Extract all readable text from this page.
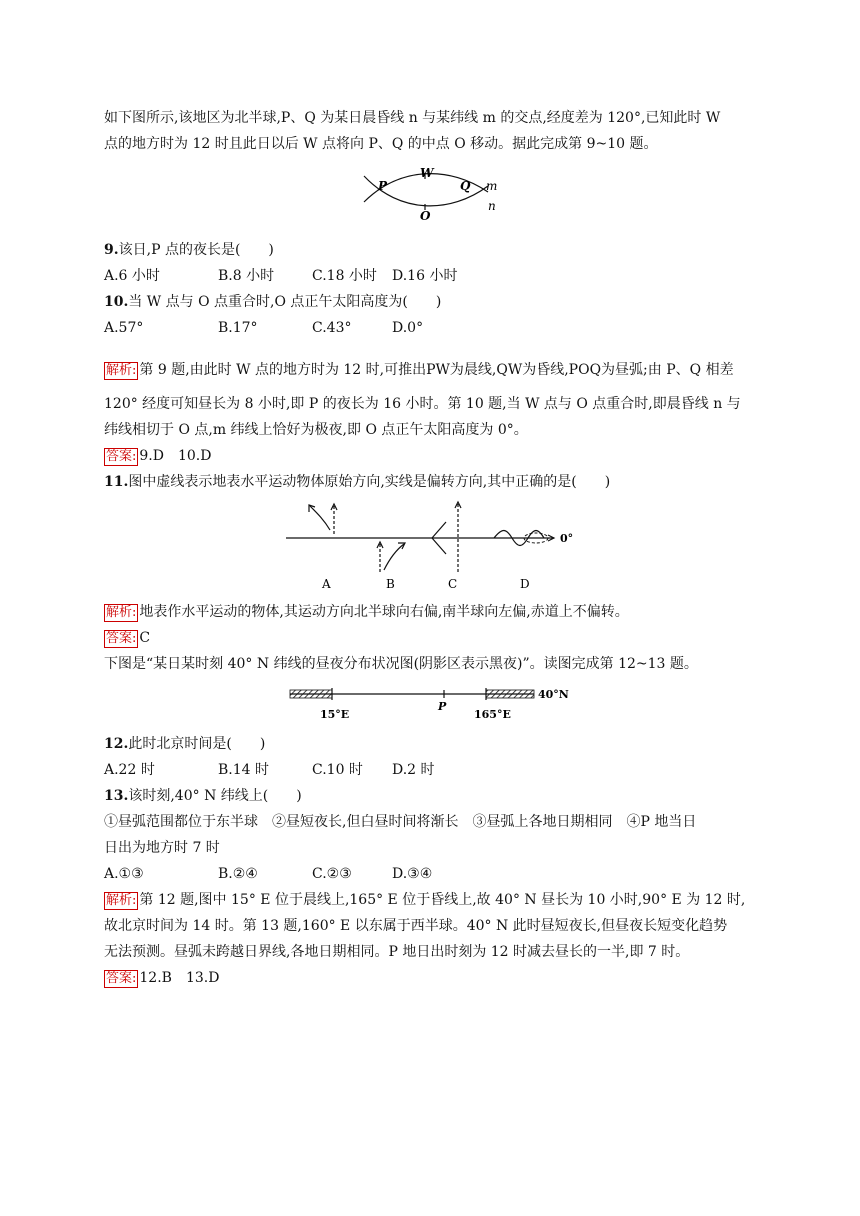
如下图所示,该地区为北半球,P、Q 为某日晨昏线 n 与某纬线 m 的交点,经度差为 120°,已知此时 W
点的地方时为 12 时且此日以后 W 点将向 P、Q 的中点 O 移动。据此完成第 9~10 题。
P
W
Q
O
m
n
9.该日,P 点的夜长是(　　)
A.6 小时	B.8 小时	C.18 小时 D.16 小时
10.当 W 点与 O 点重合时,O 点正午太阳高度为(　　)
A.57°	B.17°	C.43°	D.0°
解析: 第 9 题,由此时 W 点的地方时为 12 时,可推出PW为晨线,QW为昏线,POQ为昼弧;由 P、Q 相差
120° 经度可知昼长为 8 小时,即 P 的夜长为 16 小时。第 10 题,当 W 点与 O 点重合时,即晨昏线 n 与
纬线相切于 O 点,m 纬线上恰好为极夜,即 O 点正午太阳高度为 0°。
答案: 9.D　10.D
11.图中虚线表示地表水平运动物体原始方向,实线是偏转方向,其中正确的是(　　)
0°
A	B	C	D
解析: 地表作水平运动的物体,其运动方向北半球向右偏,南半球向左偏,赤道上不偏转。
答案: C
下图是“某日某时刻 40° N 纬线的昼夜分布状况图(阴影区表示黑夜)”。读图完成第 12~13 题。
40°N
15°E
P
165°E
12.此时北京时间是(　　)
A.22 时	B.14 时	C.10 时 D.2 时
13.该时刻,40° N 纬线上(　　)
①昼弧范围都位于东半球　②昼短夜长,但白昼时间将渐长　③昼弧上各地日期相同　④P 地当日
日出为地方时 7 时
A.①③	B.②④	C.②③	D.③④
解析: 第 12 题,图中 15° E 位于晨线上,165° E 位于昏线上,故 40° N 昼长为 10 小时,90° E 为 12 时,
故北京时间为 14 时。第 13 题,160° E 以东属于西半球。40° N 此时昼短夜长,但昼夜长短变化趋势
无法预测。昼弧未跨越日界线,各地日期相同。P 地日出时刻为 12 时减去昼长的一半,即 7 时。
答案: 12.B　13.D
